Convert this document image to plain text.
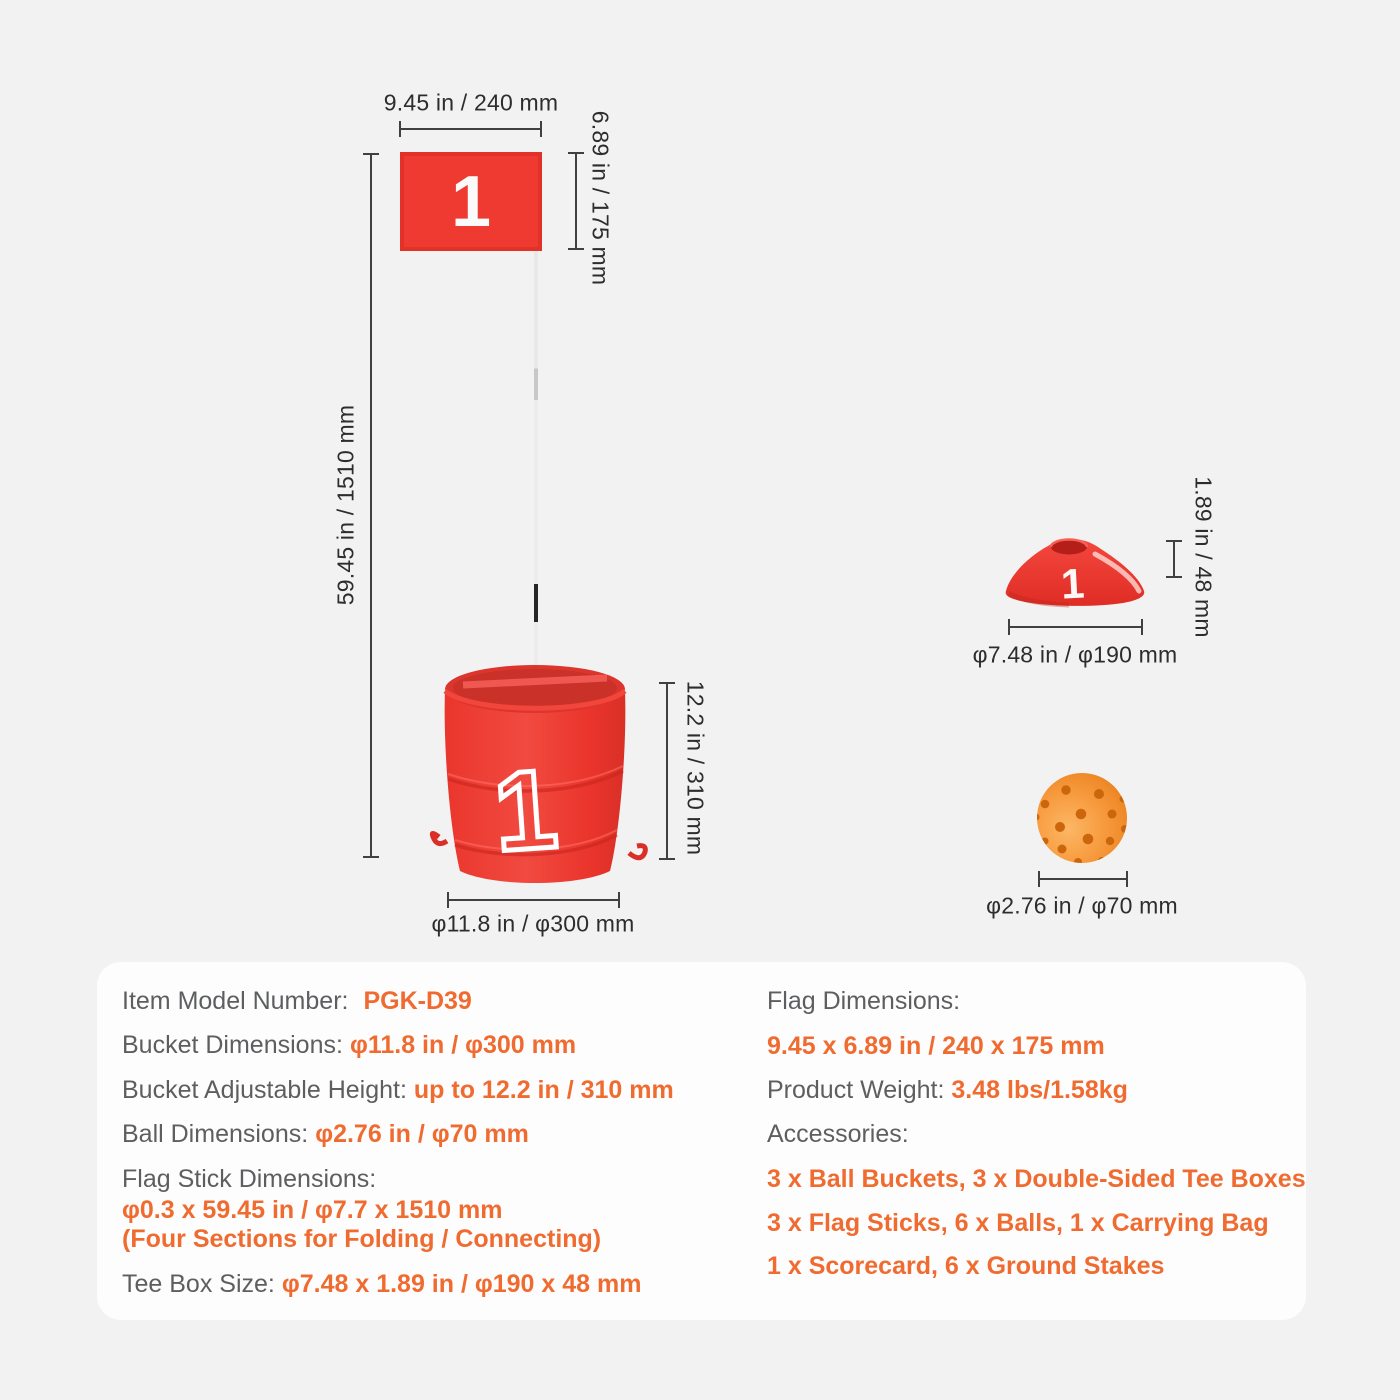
1
9.45 in / 240 mm
6.89 in / 175 mm
59.45 in / 1510 mm
1	12.2 in / 310 mm
φ11.8 in / φ300 mm
1	1.89 in / 48 mm
φ7.48 in / φ190 mm
φ2.76 in / φ70 mm
Item Model Number: PGK-D39
Bucket Dimensions: φ11.8 in / φ300 mm
Bucket Adjustable Height: up to 12.2 in / 310 mm
Ball Dimensions: φ2.76 in / φ70 mm
Flag Stick Dimensions:
φ0.3 x 59.45 in / φ7.7 x 1510 mm
(Four Sections for Folding / Connecting)
Tee Box Size: φ7.48 x 1.89 in / φ190 x 48 mm
Flag Dimensions:
9.45 x 6.89 in / 240 x 175 mm
Product Weight: 3.48 lbs/1.58kg
Accessories:
3 x Ball Buckets, 3 x Double-Sided Tee Boxes
3 x Flag Sticks, 6 x Balls, 1 x Carrying Bag
1 x Scorecard, 6 x Ground Stakes
